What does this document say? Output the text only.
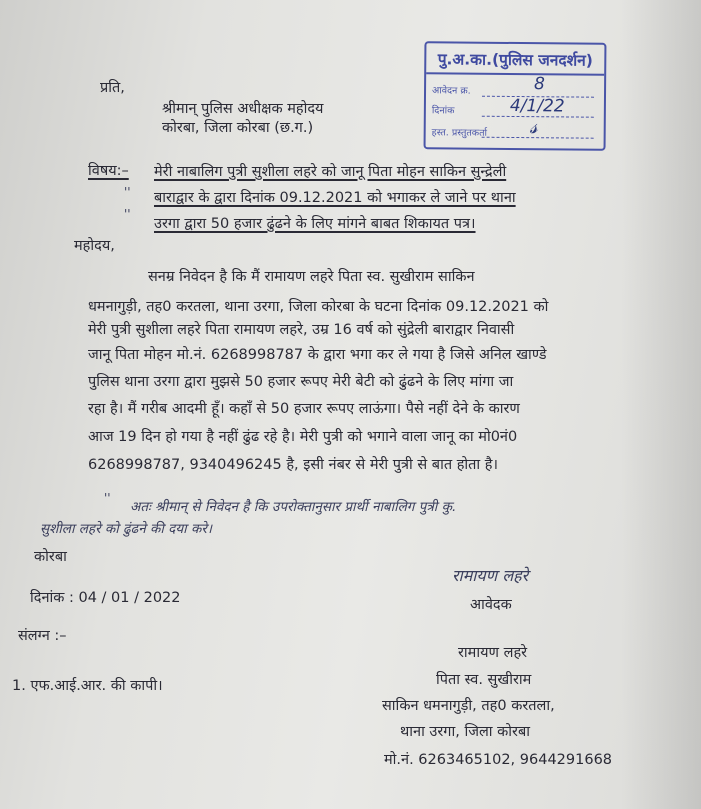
पु.अ.का.(पुलिस जनदर्शन)
आवेदन क्र.	8
दिनांक	4/1/22
हस्त. प्रस्तुतकर्ता 𝓈
प्रति,
श्रीमान् पुलिस अधीक्षक महोदय
कोरबा, जिला कोरबा (छ.ग.)
विषय:–
''
''
मेरी नाबालिग पुत्री सुशीला लहरे को जानू पिता मोहन साकिन सुन्द्रेली
बाराद्वार के द्वारा दिनांक 09.12.2021 को भगाकर ले जाने पर थाना
उरगा द्वारा 50 हजार ढुंढने के लिए मांगने बाबत शिकायत पत्र।
महोदय,
सनम्र निवेदन है कि मैं रामायण लहरे पिता स्व. सुखीराम साकिन
धमनागुड़ी, तह0 करतला, थाना उरगा, जिला कोरबा के घटना दिनांक 09.12.2021 को
मेरी पुत्री सुशीला लहरे पिता रामायण लहरे, उम्र 16 वर्ष को सुंद्रेली बाराद्वार निवासी
जानू पिता मोहन मो.नं. 6268998787 के द्वारा भगा कर ले गया है जिसे अनिल खाण्डे
पुलिस थाना उरगा द्वारा मुझसे 50 हजार रूपए मेरी बेटी को ढुंढने के लिए मांगा जा
रहा है। मैं गरीब आदमी हूँ। कहाँ से 50 हजार रूपए लाऊंगा। पैसे नहीं देने के कारण
आज 19 दिन हो गया है नहीं ढुंढ रहे है। मेरी पुत्री को भगाने वाला जानू का मो0नं0
6268998787, 9340496245 है, इसी नंबर से मेरी पुत्री से बात होता है।
''
अतः श्रीमान् से निवेदन है कि उपरोक्तानुसार प्रार्थी नाबालिग पुत्री कु.
सुशीला लहरे को ढुंढने की दया करे।
कोरबा
रामायण लहरे
दिनांक : 04 / 01 / 2022	आवेदक
संलग्न :–
1. एफ.आई.आर. की कापी।
रामायण लहरे
पिता स्व. सुखीराम
साकिन धमनागुड़ी, तह0 करतला,
थाना उरगा, जिला कोरबा
मो.नं. 6263465102, 9644291668
